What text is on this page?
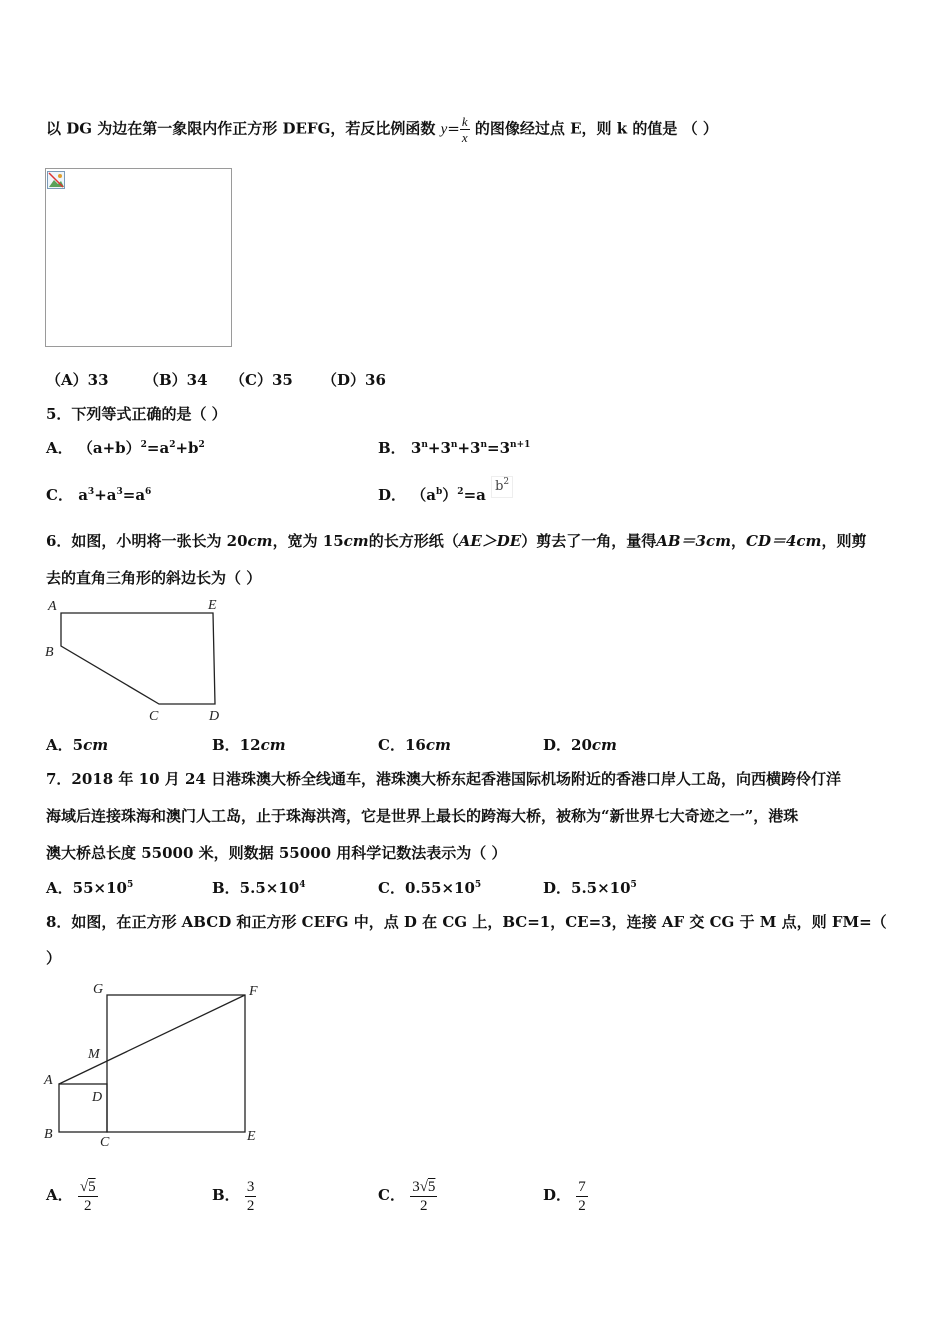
以 DG 为边在第一象限内作正方形 DEFG，若反比例函数 $y= \frac{k}{x}$ 的图像经过点 E，则 k 的值是 （ ）
（A）33 （B）34 （C）35 （D）36
5．下列等式正确的是（ ）
A． $(a+b)^2=a^2+b^2$	B． $3^n+3^n+3^n=3^{n+1}$
C． $a^3+a^3=a^6$	D． $(a^b)^2=a$ $b^2$
6．如图，小明将一张长为 20cm，宽为 15cm的长方形纸（AE＞DE）剪去了一角，量得AB＝3cm，CD＝4cm，则剪
去的直角三角形的斜边长为（ ）
A	E
B
C	D
A．5cm	B．12cm	C．16cm	D．20cm
7．2018 年 10 月 24 日港珠澳大桥全线通车，港珠澳大桥东起香港国际机场附近的香港口岸人工岛，向西横跨伶仃洋
海域后连接珠海和澳门人工岛，止于珠海洪湾，它是世界上最长的跨海大桥，被称为“新世界七大奇迹之一”，港珠
澳大桥总长度 55000 米，则数据 55000 用科学记数法表示为（ ）
A．$55\times 10^5$	B．$5.5\times 10^4$	C．$0.55\times 10^5$	D．$5.5\times 10^5$
8．如图，在正方形 ABCD 和正方形 CEFG 中，点 D 在 CG 上，BC=1，CE=3，连接 AF 交 CG 于 M 点，则 FM=（
）
G	F
M
A
D
B
C	E
A． $\frac{√5}{2}$	B． $\frac{3}{2}$	C． $\frac{3√5}{2}$	D． $\frac{7}{2}$
